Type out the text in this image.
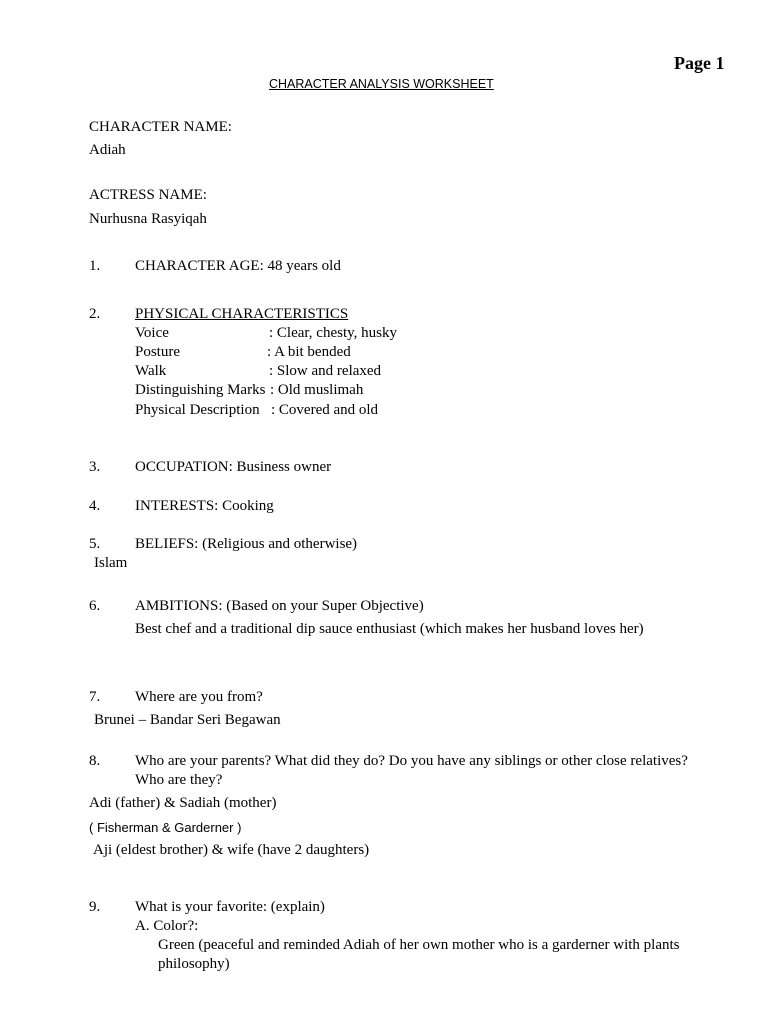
Page 1
CHARACTER ANALYSIS WORKSHEET
CHARACTER NAME:
Adiah
ACTRESS NAME:
Nurhusna Rasyiqah
1. CHARACTER AGE: 48 years old
2. PHYSICAL CHARACTERISTICS
Voice	: Clear, chesty, husky
Posture	: A bit bended
Walk	: Slow and relaxed
Distinguishing Marks : Old muslimah
Physical Description : Covered and old
3. OCCUPATION: Business owner
4. INTERESTS: Cooking
5. BELIEFS: (Religious and otherwise)
Islam
6. AMBITIONS: (Based on your Super Objective)
Best chef and a traditional dip sauce enthusiast (which makes her husband loves her)
7. Where are you from?
Brunei – Bandar Seri Begawan
8. Who are your parents? What did they do? Do you have any siblings or other close relatives?
Who are they?
Adi (father) & Sadiah (mother)
( Fisherman & Garderner )
Aji (eldest brother) & wife (have 2 daughters)
9. What is your favorite: (explain)
A. Color?:
Green (peaceful and reminded Adiah of her own mother who is a garderner with plants
philosophy)
